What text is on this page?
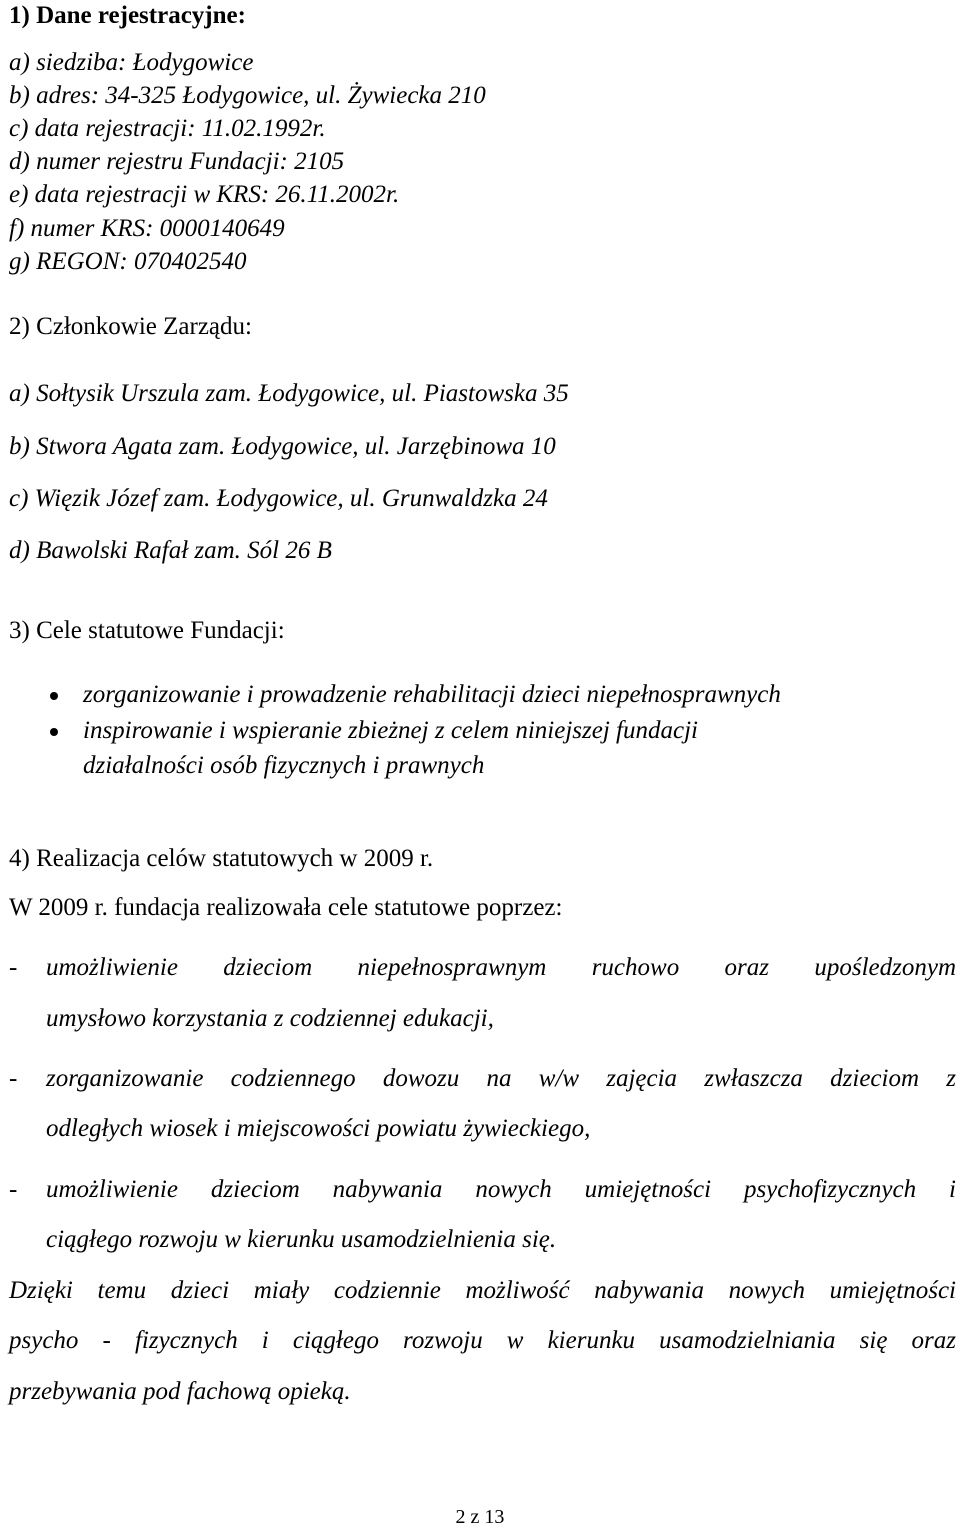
1) Dane rejestracyjne:
a) siedziba: Łodygowice
b) adres: 34-325 Łodygowice, ul. Żywiecka 210
c) data rejestracji: 11.02.1992r.
d) numer rejestru Fundacji: 2105
e) data rejestracji w KRS: 26.11.2002r.
f) numer KRS: 0000140649
g) REGON: 070402540
2) Członkowie Zarządu:
a) Sołtysik Urszula zam. Łodygowice, ul. Piastowska 35
b) Stwora Agata zam. Łodygowice, ul. Jarzębinowa 10
c) Więzik Józef zam. Łodygowice, ul. Grunwaldzka 24
d) Bawolski Rafał zam. Sól 26 B
3) Cele statutowe Fundacji:
zorganizowanie i prowadzenie rehabilitacji dzieci niepełnosprawnych
inspirowanie i wspieranie zbieżnej z celem niniejszej fundacji
działalności osób fizycznych i prawnych
4) Realizacja celów statutowych w 2009 r.
W 2009 r. fundacja realizowała cele statutowe poprzez:
- umożliwienie dzieciom niepełnosprawnym ruchowo oraz upośledzonym
umysłowo korzystania z codziennej edukacji,
- zorganizowanie codziennego dowozu na w/w zajęcia zwłaszcza dzieciom z
odległych wiosek i miejscowości powiatu żywieckiego,
- umożliwienie dzieciom nabywania nowych umiejętności psychofizycznych i
ciągłego rozwoju w kierunku usamodzielnienia się.
Dzięki temu dzieci miały codziennie możliwość nabywania nowych umiejętności
psycho - fizycznych i ciągłego rozwoju w kierunku usamodzielniania się oraz
przebywania pod fachową opieką.
2 z 13
